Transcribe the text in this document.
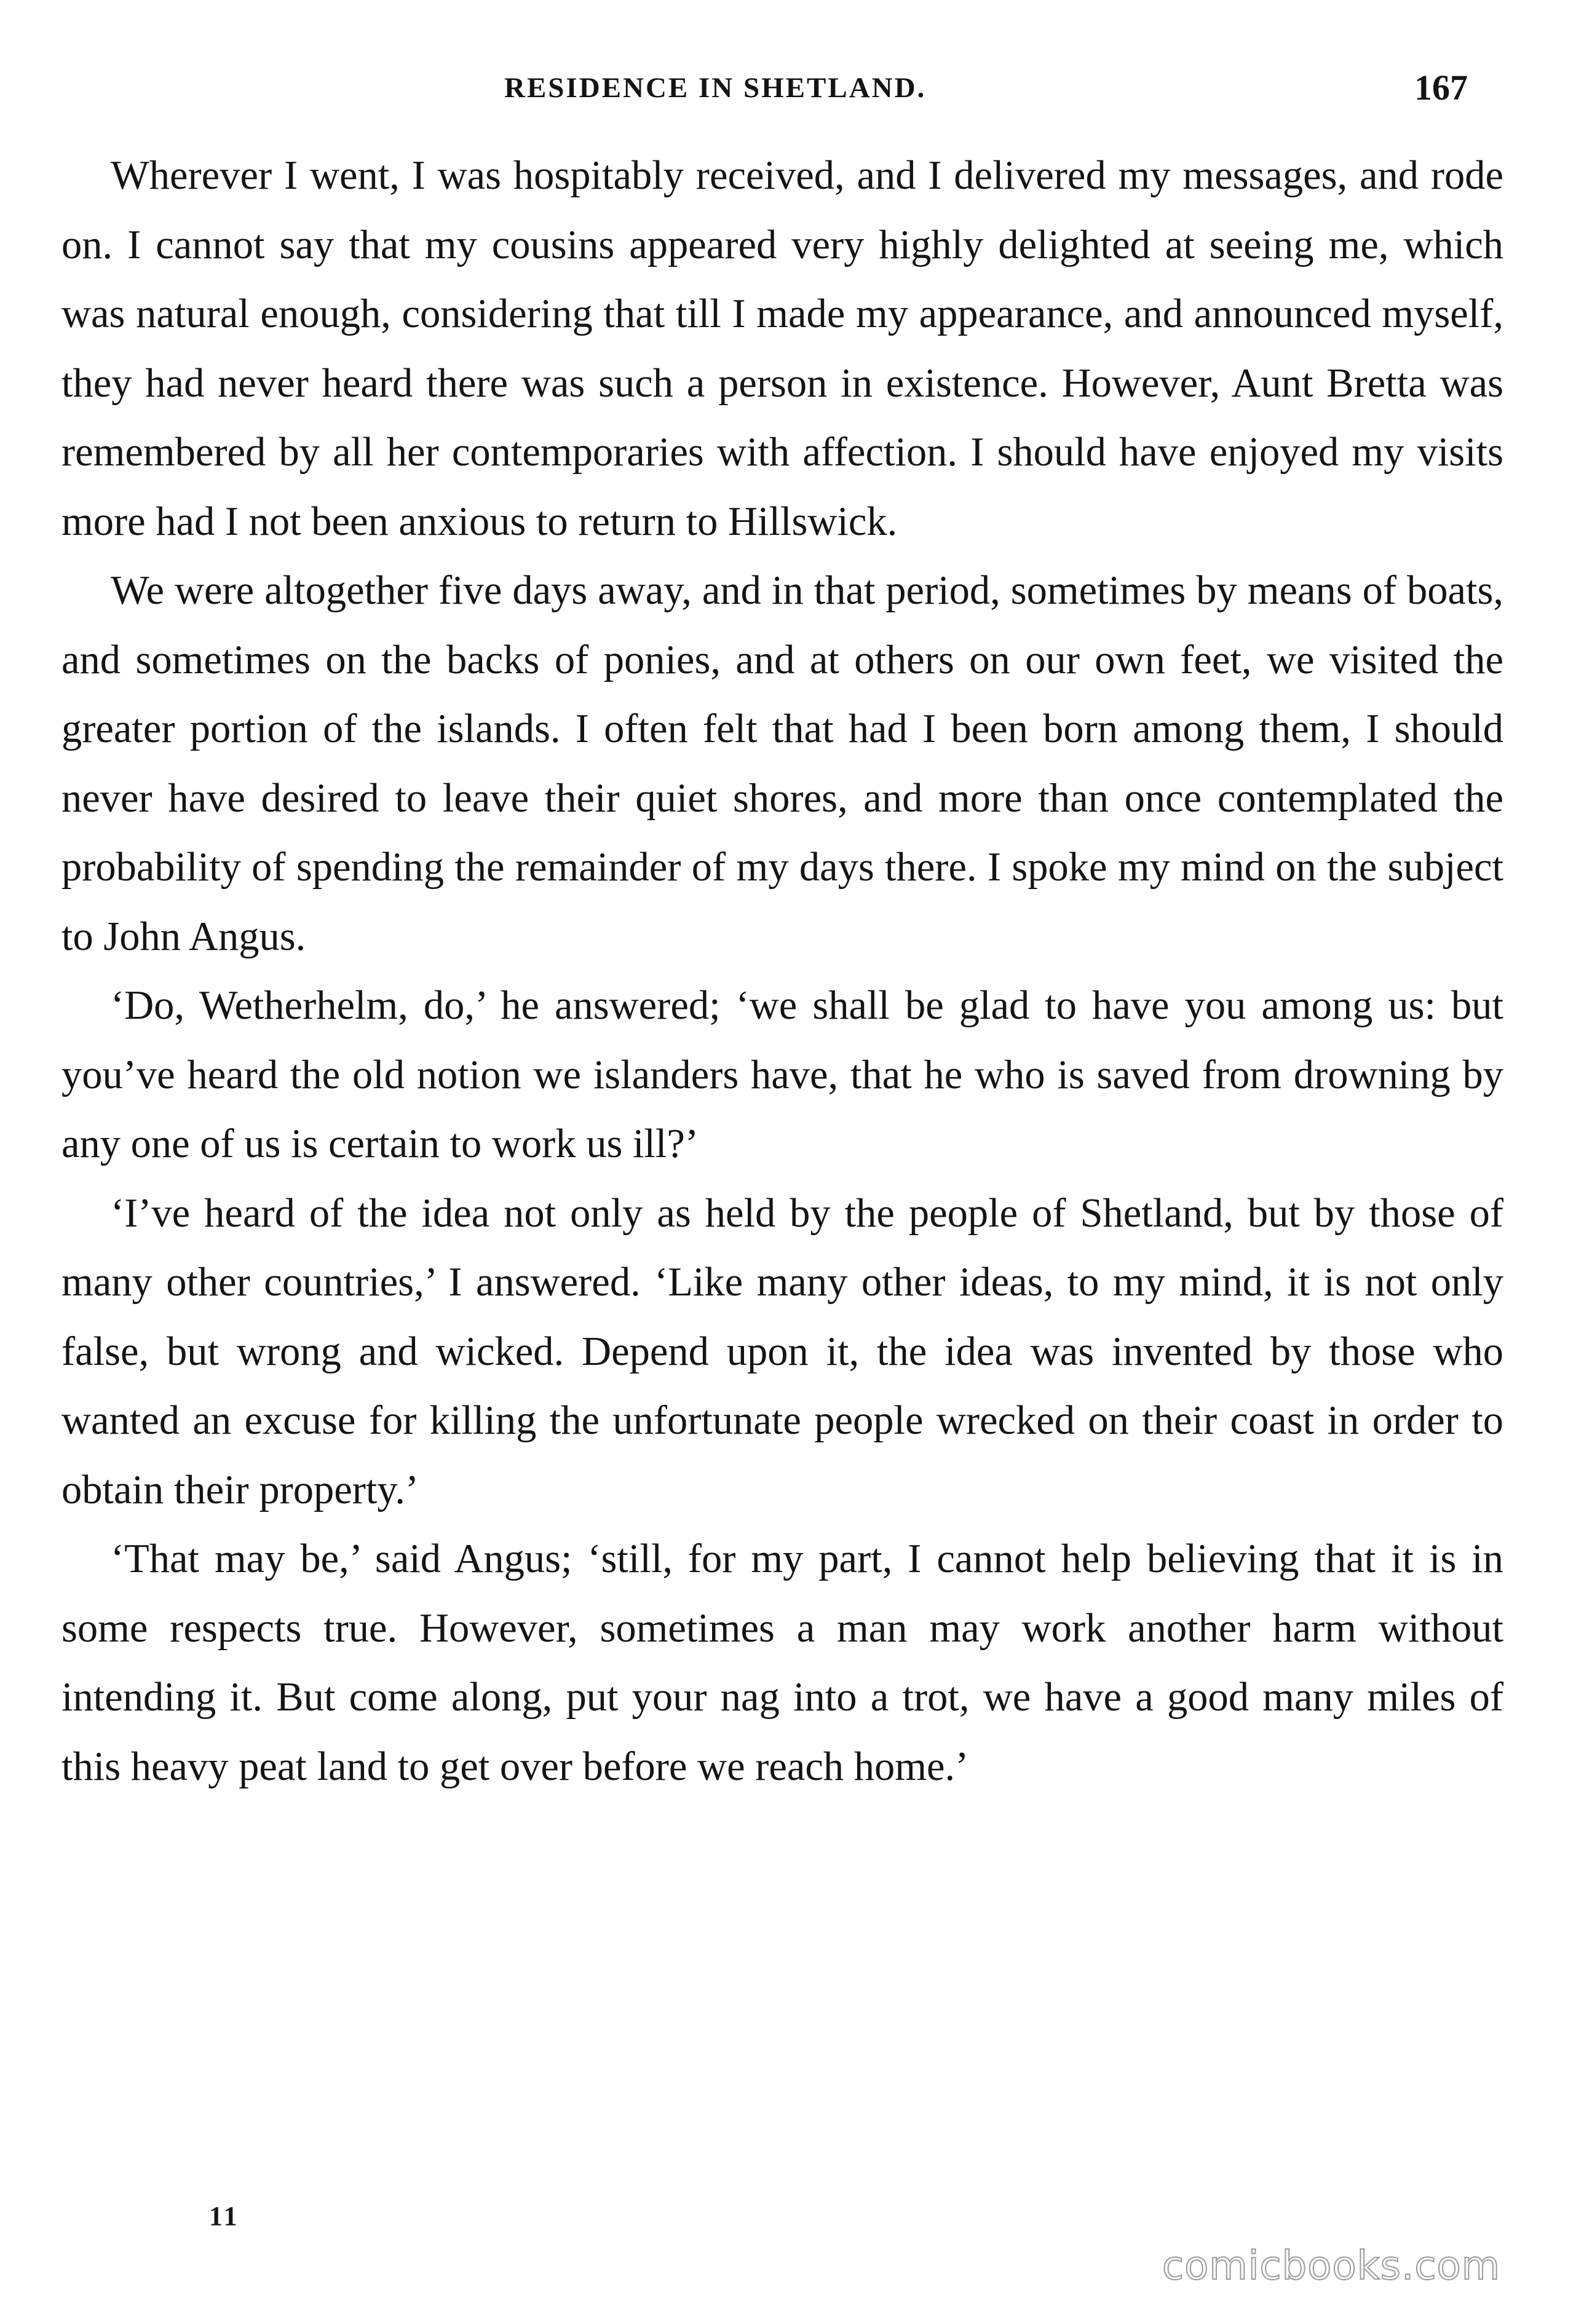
RESIDENCE IN SHETLAND.	167

Wherever I went, I was hospitably received, and I delivered my messages, and rode on. I cannot say that my cousins appeared very highly delighted at seeing me, which was natural enough, considering that till I made my appearance, and announced myself, they had never heard there was such a person in existence. However, Aunt Bretta was remembered by all her contemporaries with affection. I should have enjoyed my visits more had I not been anxious to return to Hillswick.

We were altogether five days away, and in that period, sometimes by means of boats, and sometimes on the backs of ponies, and at others on our own feet, we visited the greater portion of the islands. I often felt that had I been born among them, I should never have desired to leave their quiet shores, and more than once contemplated the probability of spending the remainder of my days there. I spoke my mind on the subject to John Angus.

‘Do, Wetherhelm, do,’ he answered; ‘we shall be glad to have you among us: but you’ve heard the old notion we islanders have, that he who is saved from drowning by any one of us is certain to work us ill?’

‘I’ve heard of the idea not only as held by the people of Shetland, but by those of many other countries,’ I answered. ‘Like many other ideas, to my mind, it is not only false, but wrong and wicked. Depend upon it, the idea was invented by those who wanted an excuse for killing the unfortunate people wrecked on their coast in order to obtain their property.’

‘That may be,’ said Angus; ‘still, for my part, I cannot help believing that it is in some respects true. However, sometimes a man may work another harm without intending it. But come along, put your nag into a trot, we have a good many miles of this heavy peat land to get over before we reach home.’

11
comicbooks.com
